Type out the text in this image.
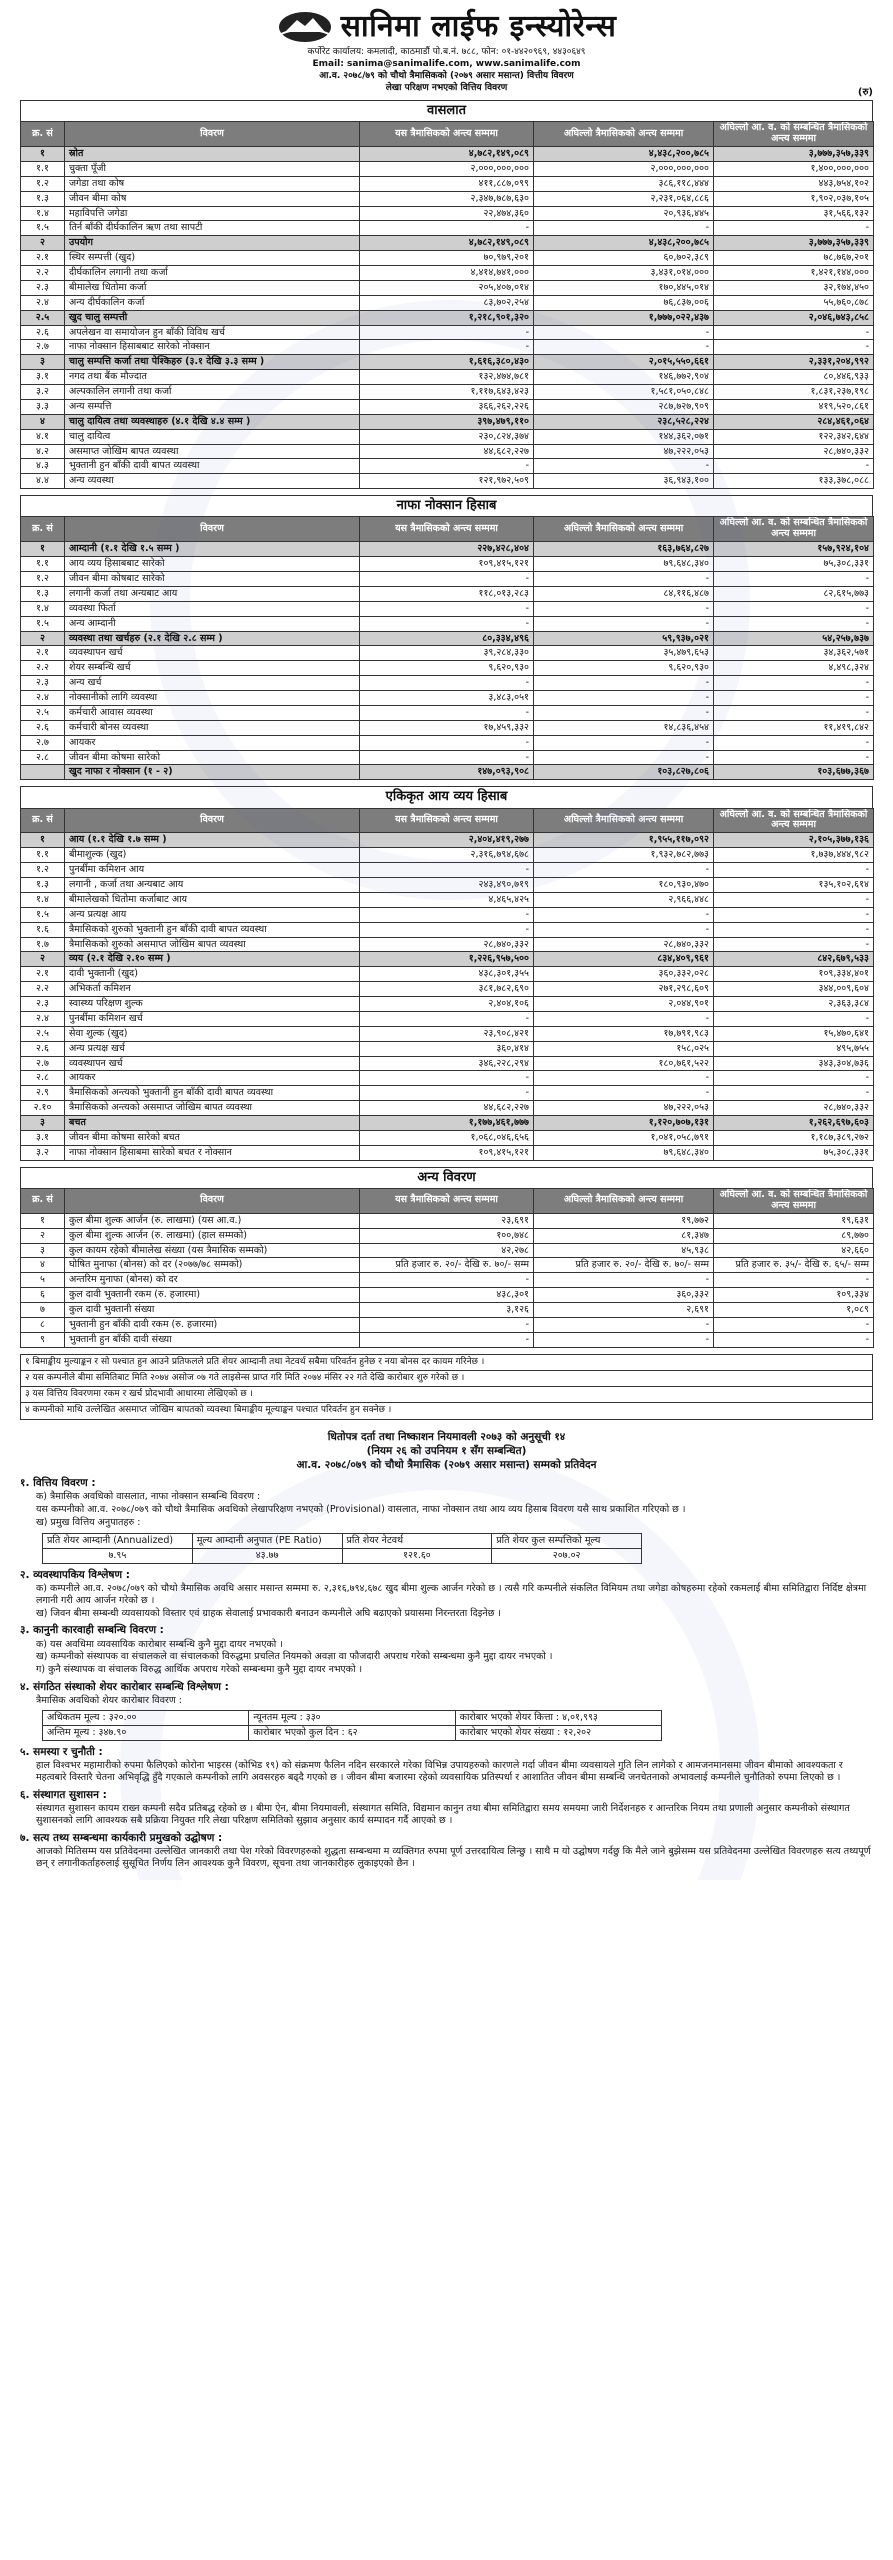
सानिमा लाईफ इन्स्योरेन्स
कर्पोरेट कार्यालय: कमलादी, काठमाडौं पो.ब.नं. ७८८, फोन: ०१-४४२०९६९, ४४३०६४९
Email: sanima@sanimalife.com, www.sanimalife.com
आ.व. २०७८/७९ को चौथो त्रैमासिकको (२०७९ असार मसान्त) वित्तीय विवरण
लेखा परिक्षण नभएको वित्तिय विवरण	(रु)
वासलात
क्र. सं	विवरण	यस त्रैमासिकको अन्त्य सम्ममा	अघिल्लो त्रैमासिकको अन्त्य सम्ममा	अघिल्लो आ. व. को सम्बन्धित त्रैमासिकको अन्त्य सम्ममा
१	स्रोत	४,७८२,१४९,०८९	४,४३८,२००,७८५	३,७७७,३५७,३३९
१.१	चुक्ता पूँजी	२,०००,०००,०००	२,०००,०००,०००	१,४००,०००,०००
१.२	जगेडा तथा कोष	४११,८८७,०९९	३८६,११८,४४४	४४३,७५४,१०२
१.३	जीवन बीमा कोष	२,३४७,७८७,६३०	२,२३१,०६४,८८६	१,९०२,०३७,१०५
१.४	महाविपत्ति जगेडा	२२,४७४,३६०	२०,९३६,४४५	३१,५६६,१३२
१.५	तिर्न बाँकी दीर्घकालिन ऋण तथा सापटी	-	-	-
२	उपयोग	४,७८२,१४९,०८९	४,४३८,२००,७८५	३,७७७,३५७,३३९
२.१	स्थिर सम्पत्ती (खुद)	७०,९७९,२०१	६०,७०२,३८९	७८,७६७,२०१
२.२	दीर्घकालिन लगानी तथा कर्जा	४,४१४,७४१,०००	३,४३१,०१४,०००	१,४२१,१४४,०००
२.३	बीमालेख धितोमा कर्जा	२०५,४०७,०१४	१७०,४४५,०१४	३२,१७४,४५०
२.४	अन्य दीर्घकालिन कर्जा	८३,७०२,२५४	७६,८३७,००६	५५,७६०,८७८
२.५	खुद चालु सम्पत्ती	१,२१८,९०१,३२०	१,७७७,०२२,४३७	२,०४६,७४३,८५८
२.६	अपलेखन वा समायोजन हुन बाँकी विविध खर्च	-	-	-
२.७	नाफा नोक्सान हिसाबबाट सारेको नोक्सान	-	-	-
३	चालु सम्पत्ति कर्जा तथा पेश्किहरु (३.१ देखि ३.३ सम्म )	१,६१६,३८०,४३०	२,०१५,५५०,६६१	२,३३१,२०४,९९२
३.१	नगद तथा बैंक मौज्दात	१३२,४७४,७८१	१४६,७७२,९०४	८०,४४६,९३३
३.२	अल्पकालिन लगानी तथा कर्जा	१,११७,६४३,४२३	१,५८१,०५०,८४८	१,८३१,२३७,१९८
३.३	अन्य सम्पत्ति	३६६,२६२,२२६	२८७,७२७,९०९	४१९,५२०,८६१
४	चालु दायित्व तथा व्यवस्थाहरु (४.१ देखि ४.४ सम्म )	३९७,४७९,११०	२३८,५२८,२२४	२८४,४६१,०६४
४.१	चालु दायित्व	२३०,८२४,३७४	१४४,३६२,०७१	१२२,३४२,६४४
४.२	असमाप्त जोखिम बापत व्यवस्था	४४,६८२,२२७	४७,२२२,०५३	२८,७४०,३३२
४.३	भुक्तानी हुन बाँकी दावी बापत व्यवस्था	-	-	-
४.४	अन्य व्यवस्था	१२१,९७२,५०९	३६,९४३,१००	१३३,३७८,०८८
नाफा नोक्सान हिसाब
क्र. सं	विवरण	यस त्रैमासिकको अन्त्य सम्ममा	अघिल्लो त्रैमासिकको अन्त्य सम्ममा	अघिल्लो आ. व. को सम्बन्धित त्रैमासिकको अन्त्य सम्ममा
१	आम्दानी (१.१ देखि १.५ सम्म )	२२७,४२८,४०४	१६३,७६४,८२७	१५७,९२४,१०४
१.१	आय व्यय हिसाबबाट सारेको	१०९,४१५,१२१	७९,६४८,३४०	७५,३०८,३३१
१.२	जीवन बीमा कोषबाट सारेको	-	-	-
१.३	लगानी कर्जा तथा अन्यबाट आय	११८,०१३,२८३	८४,११६,४८७	८२,६१५,७७३
१.४	व्यवस्था फिर्ता	-	-	-
१.५	अन्य आम्दानी	-	-	-
२	व्यवस्था तथा खर्चहरु (२.१ देखि २.८ सम्म )	८०,३३४,४९६	५९,९३७,०२१	५४,२५७,७३७
२.१	व्यवस्थापन खर्च	३९,२८४,३३०	३५,४७९,६५३	३४,३६२,५७१
२.२	शेयर सम्बन्धि खर्च	९,६२०,९३०	९,६२०,९३०	४,४९८,३२४
२.३	अन्य खर्च	-	-	-
२.४	नोक्सानीको लागि व्यवस्था	३,४८३,०५१	-	-
२.५	कर्मचारी आवास व्यवस्था	-	-	-
२.६	कर्मचारी बोनस व्यवस्था	१७,४५९,३३२	१४,८३६,४५४	११,४१९,८४२
२.७	आयकर	-	-	-
२.८	जीवन बीमा कोषमा सारेको	-	-	-
	खुद नाफा र नोक्सान (१ - २)	१४७,०९३,९०८	१०३,८२७,८०६	१०३,६७७,३६७
एकिकृत आय व्यय हिसाब
क्र. सं	विवरण	यस त्रैमासिकको अन्त्य सम्ममा	अघिल्लो त्रैमासिकको अन्त्य सम्ममा	अघिल्लो आ. व. को सम्बन्धित त्रैमासिकको अन्त्य सम्ममा
१	आय (१.१ देखि १.७ सम्म )	२,४०४,४१९,२७७	१,९५५,११७,०९२	२,१०५,३७७,१३६
१.१	बीमाशुल्क (खुद)	२,३१६,७९४,६७८	१,९३२,७८२,७७३	१,७३७,४४४,९८२
१.२	पुनर्बीमा कमिशन आय	-	-	-
१.३	लगानी , कर्जा तथा अन्यबाट आय	२४३,४९०,७१९	१८०,९३०,४७०	१३५,१०२,६१४
१.४	बीमालेखको धितोमा कर्जाबाट आय	४,४६५,४२५	२,९६६,४४८	-
१.५	अन्य प्रत्यक्ष आय	-	-	-
१.६	त्रैमासिकको शुरुको भुक्तानी हुन बाँकी दावी बापत व्यवस्था	-	-	-
१.७	त्रैमासिकको शुरुको असमाप्त जोखिम बापत व्यवस्था	२८,७४०,३३२	२८,७४०,३३२	-
२	व्यय (२.१ देखि २.१० सम्म )	१,२२६,९५७,५००	८३४,४०९,९६१	८४२,६७९,५३३
२.१	दावी भुक्तानी (खुद)	४३८,३०१,३५५	३६०,३३२,०२८	१०९,३३४,४०१
२.२	अभिकर्ता कमिशन	३८१,७८२,६९०	२७१,२९८,६०९	३४४,००९,६०४
२.३	स्वास्थ्य परिक्षण शुल्क	२,४०४,१०६	२,०४४,९०१	२,३६३,३८४
२.४	पुनर्बीमा कमिशन खर्च	-	-	-
२.५	सेवा शुल्क (खुद)	२३,९०८,४२१	१७,७९१,९८३	१५,४७०,६४१
२.६	अन्य प्रत्यक्ष खर्च	३६०,४१४	१५८,०२५	४९५,७५५
२.७	व्यवस्थापन खर्च	३४६,२२८,२९४	१८०,७६१,५२२	३४३,३०४,७३६
२.८	आयकर	-	-	-
२.९	त्रैमासिकको अन्त्यको भुक्तानी हुन बाँकी दावी बापत व्यवस्था	-	-	-
२.१०	त्रैमासिकको अन्त्यको असमाप्त जोखिम बापत व्यवस्था	४४,६८२,२२७	४७,२२२,०५३	२८,७४०,३३२
३	बचत	१,१७७,४६१,७७७	१,१२०,७०७,१३१	१,२६२,६९७,६०३
३.१	जीवन बीमा कोषमा सारेको बचत	१,०६८,०४६,६५६	१,०४१,०५८,७९१	१,१८७,३८९,२७२
३.२	नाफा नोक्सान हिसाबमा सारेको बचत र नोक्सान	१०९,४१५,१२१	७९,६४८,३४०	७५,३०८,३३१
अन्य विवरण
क्र. सं	विवरण	यस त्रैमासिकको अन्त्य सम्ममा	अघिल्लो त्रैमासिकको अन्त्य सम्ममा	अघिल्लो आ. व. को सम्बन्धित त्रैमासिकको अन्त्य सम्ममा
१	कुल बीमा शुल्क आर्जन (रु. लाखमा) (यस आ.व.)	२३,६९१	१९,७७२	१९,६३१
२	कुल बीमा शुल्क आर्जन (रु. लाखमा) (हाल सम्मको)	१००,७४८	८१,३४७	८९,७७०
३	कुल कायम रहेको बीमालेख संख्या (यस त्रैमासिक सम्मको)	४२,२७८	४५,९३८	४२,६६०
४	घोषित मुनाफा (बोनस) को दर (२०७७/७८ सम्मको)	प्रति हजार रु. २०/- देखि रु. ७०/- सम्म	प्रति हजार रु. २०/- देखि रु. ७०/- सम्म	प्रति हजार रु. ३५/- देखि रु. ६५/- सम्म
५	अन्तरिम मुनाफा (बोनस) को दर	-	-	-
६	कुल दावी भुक्तानी रकम (रु. हजारमा)	४३८,३०१	३६०,३३२	१०९,३३४
७	कुल दावी भुक्तानी संख्या	३,१२६	२,६९१	१,०८९
८	भुक्तानी हुन बाँकी दावी रकम (रु. हजारमा)	-	-	-
९	भुक्तानी हुन बाँकी दावी संख्या	-	-	-
१ बिमाङ्कीय मुल्याङ्कन र सो पश्चात हुन आउने प्रतिफलले प्रति शेयर आम्दानी तथा नेटवर्थ सबैमा परिवर्तन हुनेछ र नया बोनस दर कायम गरिनेछ ।
२ यस कम्पनीले बीमा समितिबाट मिति २०७४ असोज ०७ गते लाइसेन्स प्राप्त गरि मिति २०७४ मंसिर २२ गते देखि कारोबार शुरु गरेको छ ।
३ यस वित्तिय विवरणमा रकम र खर्च प्रोदभावी आधारमा लेखिएको छ ।
४ कम्पनीको माथि उल्लेखित असमाप्त जोखिम बापतको व्यवस्था बिमाङ्कीय मूल्याङ्कन पश्चात परिवर्तन हुन सक्नेछ ।
धितोपत्र दर्ता तथा निष्काशन नियमावली २०७३ को अनुसूची १४
(नियम २६ को उपनियम १ सँग सम्बन्धित)
आ.व. २०७८/०७९ को चौथो त्रैमासिक (२०७९ असार मसान्त) सम्मको प्रतिवेदन
१. वित्तिय विवरण :
क) त्रैमासिक अवधिको वासलात, नाफा नोक्सान सम्बन्धि विवरण :

यस कम्पनीको आ.व. २०७८/०७९ को चौथो त्रैमासिक अवधिको लेखापरिक्षण नभएको (Provisional) वासलात, नाफा नोक्सान तथा आय व्यय हिसाब विवरण यसै साथ प्रकाशित गरिएको छ ।

ख) प्रमुख वित्तिय अनुपातहरु :
प्रति शेयर आम्दानी (Annualized)	मूल्य आम्दानी अनुपात (PE Ratio)	प्रति शेयर नेटवर्थ	प्रति शेयर कुल सम्पत्तिको मूल्य
७.९५	४३.७७	१२१.६०	२०७.०२
२. व्यवस्थापकिय विश्लेषण :

क) कम्पनीले आ.व. २०७८/०७९ को चौथो त्रैमासिक अवधि असार मसान्त सम्ममा रु. २,३१६,७९४,६७८ खुद बीमा शुल्क आर्जन गरेको छ । त्यसै गरि कम्पनीले संकलित विमियम तथा जगेडा कोषहरुमा रहेको रकमलाई बीमा समितिद्वारा निर्दिष्ट क्षेत्रमा लगानी गरी आय आर्जन गरेको छ ।

ख) जिवन बीमा सम्बन्धी व्यवसायको विस्तार एवं ग्राहक सेवालाई प्रभावकारी बनाउन कम्पनीले अघि बढाएको प्रयासमा निरन्तरता दिइनेछ ।

३. कानुनी कारवाही सम्बन्धि विवरण :

क) यस अवधिमा व्यवसायिक कारोबार सम्बन्धि कुनै मुद्दा दायर नभएको ।

ख) कम्पनीको संस्थापक वा संचालकले वा संचालकको विरुद्धमा प्रचलित नियमको अवज्ञा वा फौजदारी अपराध गरेको सम्बन्धमा कुनै मुद्दा दायर नभएको ।

ग) कुनै संस्थापक वा संचालक विरुद्ध आर्थिक अपराध गरेको सम्बन्धमा कुनै मुद्दा दायर नभएको ।

४. संगठित संस्थाको शेयर कारोबार सम्बन्धि विश्लेषण :

त्रैमासिक अवधिको शेयर कारोबार विवरण :

अधिकतम मूल्य : ३२०.००	न्यूनतम मूल्य : ३३०	कारोबार भएको शेयर कित्ता : ४,०१,९९३
अन्तिम मूल्य : ३४७.९०	कारोबार भएको कुल दिन : ६२	कारोबार भएको शेयर संख्या : १२,२०२
५. समस्या र चुनौती :

हाल विश्वभर महामारीको रुपमा फैलिएको कोरोना भाइरस (कोभिड १९) को संक्रमण फैलिन नदिन सरकारले गरेका विभिन्न उपायहरुको कारणले गर्दा जीवन बीमा व्यवसायले गुति लिन लागेको र आमजनमानसमा जीवन बीमाको आवश्यकता र महत्वबारे विस्तारै चेतना अभिवृद्धि हुँदै गएकाले कम्पनीको लागि अवसरहरु बढ्दै गएको छ । जीवन बीमा बजारमा रहेको व्यवसायिक प्रतिस्पर्धा र आशातित जीवन बीमा सम्बन्धि जनचेतनाको अभावलाई कम्पनीले चुनौतिको रुपमा लिएको छ ।

६. संस्थागत सुशासन :

संस्थागत सुशासन कायम राख्न कम्पनी सदैव प्रतिबद्ध रहेको छ । बीमा ऐन, बीमा नियमावली, संस्थागत समिति, विद्यमान कानुन तथा बीमा समितिद्वारा समय समयमा जारी निर्देशनहरु र आन्तरिक नियम तथा प्रणाली अनुसार कम्पनीको संस्थागत सुशासनको लागि आवश्यक सबै प्रक्रिया नियुक्त गरि लेखा परिक्षण समितिको सुझाव अनुसार कार्य सम्पादन गर्दै आएको छ ।

७. सत्य तथ्य सम्बन्धमा कार्यकारी प्रमुखको उद्घोषण :

आजको मितिसम्म यस प्रतिवेदनमा उल्लेखित जानकारी तथा पेश गरेको विवरणहरुको शुद्धता सम्बन्धमा म व्यक्तिगत रुपमा पूर्ण उत्तरदायित्व लिन्छु । साथै म यो उद्घोषण गर्दछु कि मैले जाने बुझेसम्म यस प्रतिवेदनमा उल्लेखित विवरणहरु सत्य तथ्यपूर्ण छन् र लगानीकर्ताहरुलाई सुसूचित निर्णय लिन आवश्यक कुनै विवरण, सूचना तथा जानकारीहरु लुकाइएको छैन ।
